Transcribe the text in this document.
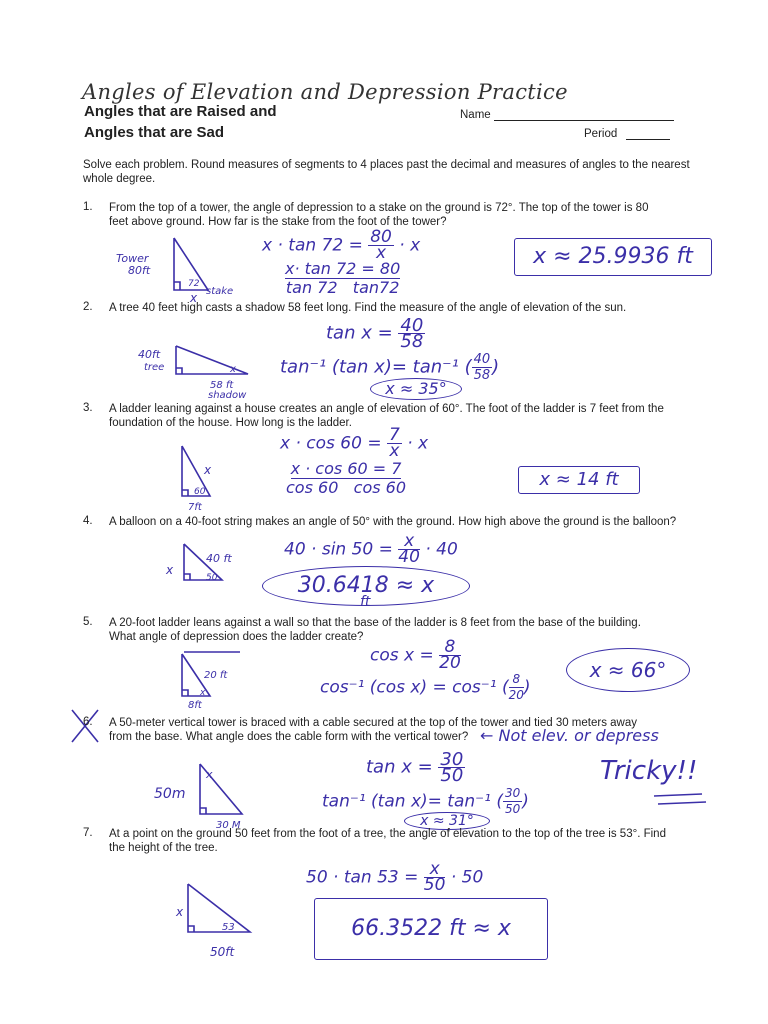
Angles of Elevation and Depression Practice
Angles that are Raised and
Angles that are Sad
Name
Period
Solve each problem. Round measures of segments to 4 places past the decimal and measures of angles to the nearest whole degree.
1. From the top of a tower, the angle of depression to a stake on the ground is 72°. The top of the tower is 80 feet above ground. How far is the stake from the foot of the tower?
Tower
80ft
72
x stake
$x \cdot \tan 72 = \frac{80}{x} \cdot x$
x· tan 72 = 80
tan 72 tan72
x ≈ 25.9936 ft
2. A tree 40 feet high casts a shadow 58 feet long. Find the measure of the angle of elevation of the sun.
$\tan x = \frac{40}{58}$
40ft
tree	x
58 ft
shadow
tan⁻¹ (tan x)= tan⁻¹ ( $\frac{40}{58}$ )
x ≈ 35°
3. A ladder leaning against a house creates an angle of elevation of 60°. The foot of the ladder is 7 feet from the foundation of the house. How long is the ladder.
$x \cdot \cos 60 = \frac{7}{x} \cdot x$
x
60
7ft
x · cos 60 = 7
cos 60 cos 60	x ≈ 14 ft
4. A balloon on a 40-foot string makes an angle of 50° with the ground. How high above the ground is the balloon?
$40 \cdot \sin 50 = \frac{x}{40} \cdot 40$
40 ft
x
50	30.6418 ≈ x
ft
5. A 20-foot ladder leans against a wall so that the base of the ladder is 8 feet from the base of the building. What angle of depression does the ladder create?
$\cos x = \frac{8}{20}$
20 ft
x
8ft
cos⁻¹ (cos x) = cos⁻¹ ( $\frac{8}{20}$ )
x ≈ 66°
6. A 50-meter vertical tower is braced with a cable secured at the top of the tower and tied 30 meters away from the base. What angle does the cable form with the vertical tower? ← Not elev. or depress
$\tan x = \frac{30}{50}$	Tricky!!
50m
x
30 M
tan⁻¹ (tan x)= tan⁻¹ ( $\frac{30}{50}$ )
x ≈ 31°
7. At a point on the ground 50 feet from the foot of a tree, the angle of elevation to the top of the tree is 53°. Find the height of the tree.
$50 \cdot \tan 53 = \frac{x}{50} \cdot 50$
x
53
50ft
66.3522 ft ≈ x
